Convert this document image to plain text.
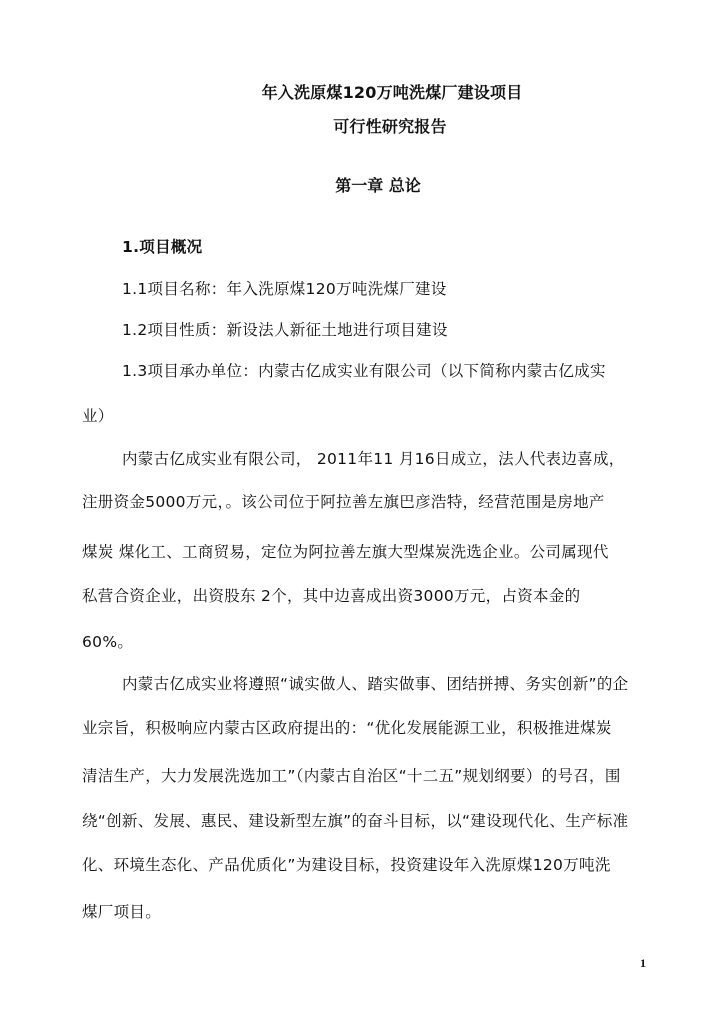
年入洗原煤120万吨洗煤厂建设项目
可行性研究报告
第一章 总论
1.项目概况
1.1项目名称：年入洗原煤120万吨洗煤厂建设
1.2项目性质：新设法人新征土地进行项目建设
1.3项目承办单位：内蒙古亿成实业有限公司（以下简称内蒙古亿成实
业）
内蒙古亿成实业有限公司， 2011年11 月16日成立，法人代表边喜成，
注册资金5000万元，。该公司位于阿拉善左旗巴彦浩特，经营范围是房地产
煤炭 煤化工、工商贸易，定位为阿拉善左旗大型煤炭洗选企业。公司属现代
私营合资企业，出资股东 2个，其中边喜成出资3000万元，占资本金的
60%。
内蒙古亿成实业将遵照“诚实做人、踏实做事、团结拼搏、务实创新”的企
业宗旨，积极响应内蒙古区政府提出的：“优化发展能源工业，积极推进煤炭
清洁生产，大力发展洗选加工”（内蒙古自治区“十二五”规划纲要）的号召，围
绕“创新、发展、惠民、建设新型左旗”的奋斗目标，以“建设现代化、生产标准
化、环境生态化、产品优质化”为建设目标，投资建设年入洗原煤120万吨洗
煤厂项目。
1
